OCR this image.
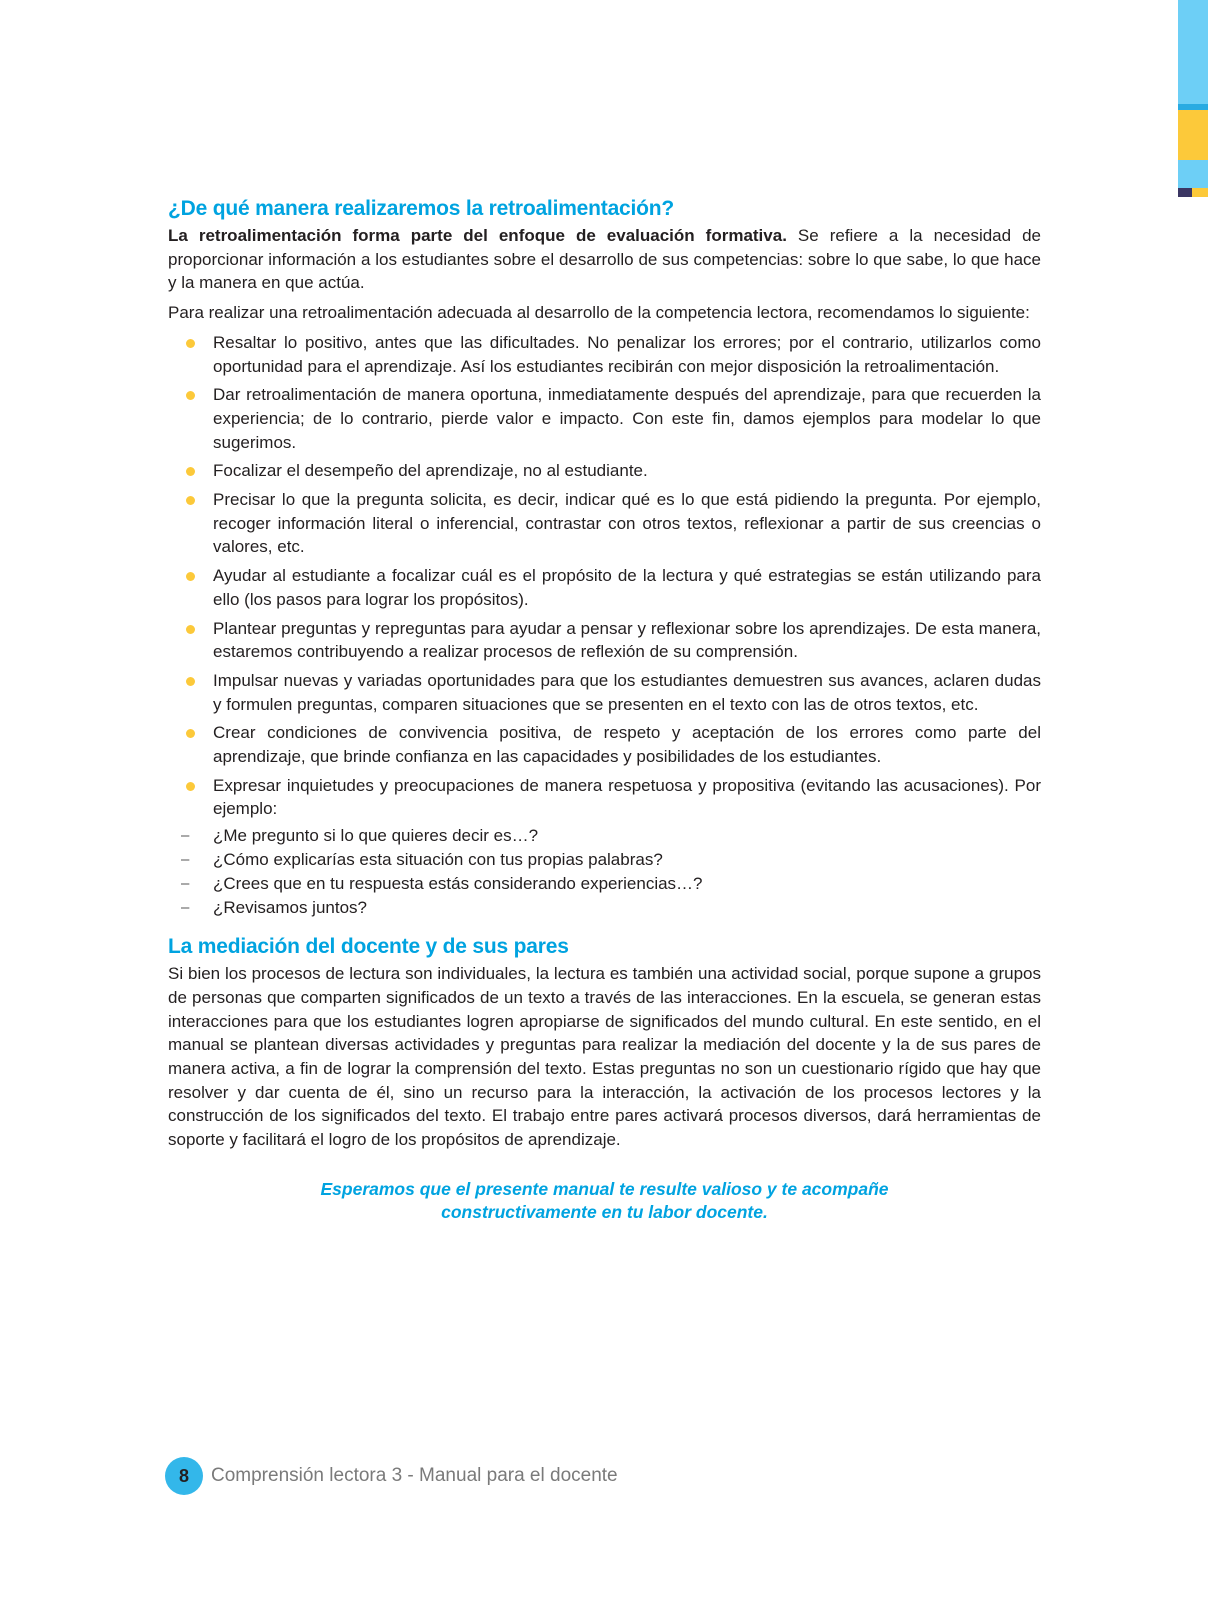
¿De qué manera realizaremos la retroalimentación?

La retroalimentación forma parte del enfoque de evaluación formativa. Se refiere a la necesidad de proporcionar información a los estudiantes sobre el desarrollo de sus competencias: sobre lo que sabe, lo que hace y la manera en que actúa.

Para realizar una retroalimentación adecuada al desarrollo de la competencia lectora, recomendamos lo siguiente:

Resaltar lo positivo, antes que las dificultades. No penalizar los errores; por el contrario, utilizarlos como oportunidad para el aprendizaje. Así los estudiantes recibirán con mejor disposición la retroalimentación.
Dar retroalimentación de manera oportuna, inmediatamente después del aprendizaje, para que recuerden la experiencia; de lo contrario, pierde valor e impacto. Con este fin, damos ejemplos para modelar lo que sugerimos.
Focalizar el desempeño del aprendizaje, no al estudiante.
Precisar lo que la pregunta solicita, es decir, indicar qué es lo que está pidiendo la pregunta. Por ejemplo, recoger información literal o inferencial, contrastar con otros textos, reflexionar a partir de sus creencias o valores, etc.
Ayudar al estudiante a focalizar cuál es el propósito de la lectura y qué estrategias se están utilizando para ello (los pasos para lograr los propósitos).
Plantear preguntas y repreguntas para ayudar a pensar y reflexionar sobre los aprendizajes. De esta manera, estaremos contribuyendo a realizar procesos de reflexión de su comprensión.
Impulsar nuevas y variadas oportunidades para que los estudiantes demuestren sus avances, aclaren dudas y formulen preguntas, comparen situaciones que se presenten en el texto con las de otros textos, etc.
Crear condiciones de convivencia positiva, de respeto y aceptación de los errores como parte del aprendizaje, que brinde confianza en las capacidades y posibilidades de los estudiantes.
Expresar inquietudes y preocupaciones de manera respetuosa y propositiva (evitando las acusaciones). Por ejemplo:
–	¿Me pregunto si lo que quieres decir es…?
–	¿Cómo explicarías esta situación con tus propias palabras?
–	¿Crees que en tu respuesta estás considerando experiencias…?
–	¿Revisamos juntos?
La mediación del docente y de sus pares

Si bien los procesos de lectura son individuales, la lectura es también una actividad social, porque supone a grupos de personas que comparten significados de un texto a través de las interacciones. En la escuela, se generan estas interacciones para que los estudiantes logren apropiarse de significados del mundo cultural. En este sentido, en el manual se plantean diversas actividades y preguntas para realizar la mediación del docente y la de sus pares de manera activa, a fin de lograr la comprensión del texto. Estas preguntas no son un cuestionario rígido que hay que resolver y dar cuenta de él, sino un recurso para la interacción, la activación de los procesos lectores y la construcción de los significados del texto. El trabajo entre pares activará procesos diversos, dará herramientas de soporte y facilitará el logro de los propósitos de aprendizaje.

Esperamos que el presente manual te resulte valioso y te acompañe constructivamente en tu labor docente.
8	Comprensión lectora 3 - Manual para el docente
